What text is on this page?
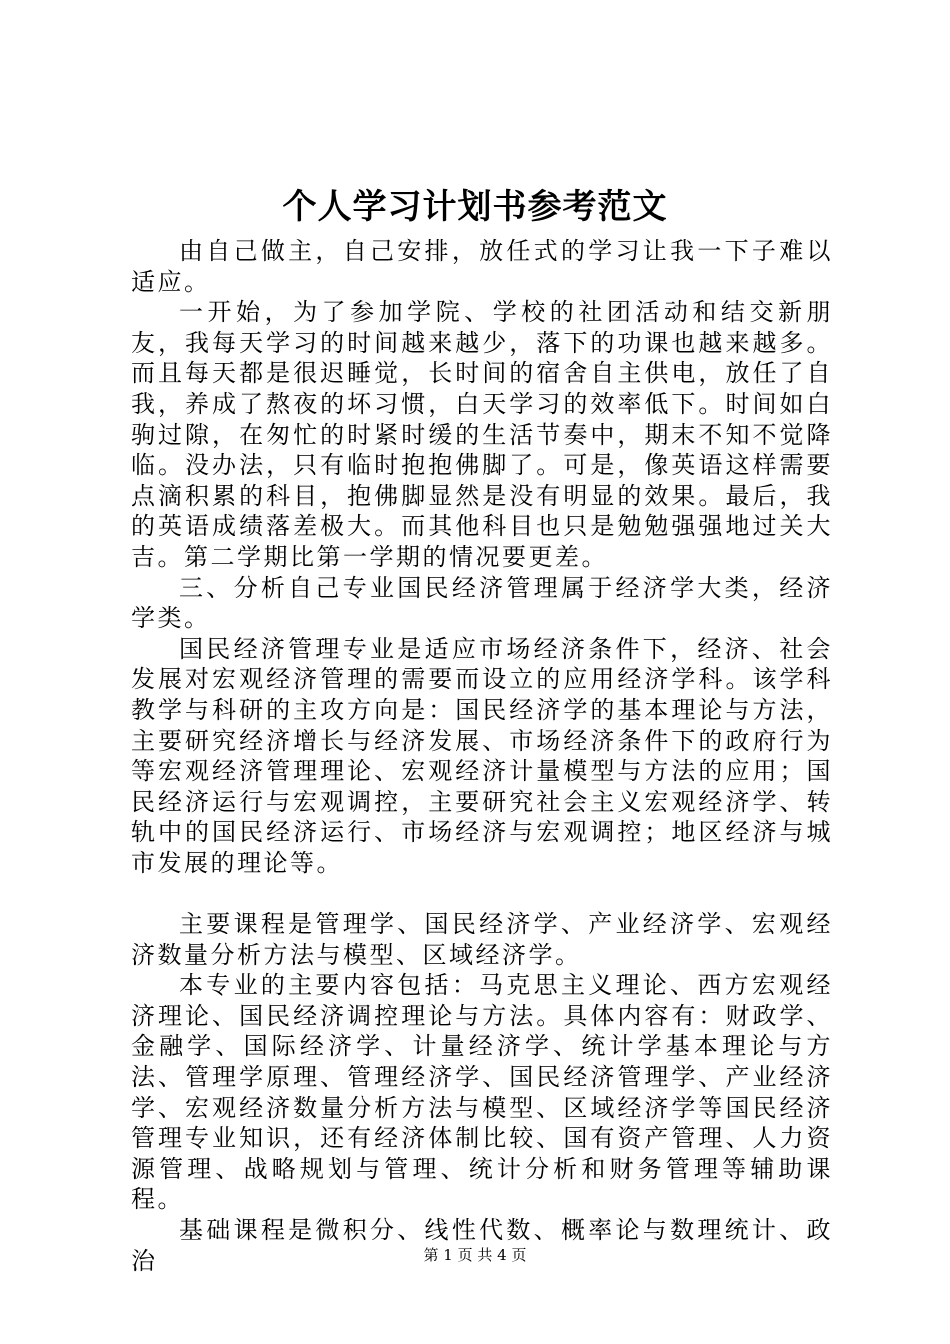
个人学习计划书参考范文

由自己做主，自己安排，放任式的学习让我一下子难以适应。

一开始，为了参加学院、学校的社团活动和结交新朋友，我每天学习的时间越来越少，落下的功课也越来越多。而且每天都是很迟睡觉，长时间的宿舍自主供电，放任了自我，养成了熬夜的坏习惯，白天学习的效率低下。时间如白驹过隙，在匆忙的时紧时缓的生活节奏中，期末不知不觉降临。没办法，只有临时抱抱佛脚了。可是，像英语这样需要点滴积累的科目，抱佛脚显然是没有明显的效果。最后，我的英语成绩落差极大。而其他科目也只是勉勉强强地过关大吉。第二学期比第一学期的情况要更差。

三、分析自己专业国民经济管理属于经济学大类，经济学类。

国民经济管理专业是适应市场经济条件下，经济、社会发展对宏观经济管理的需要而设立的应用经济学科。该学科教学与科研的主攻方向是：国民经济学的基本理论与方法，主要研究经济增长与经济发展、市场经济条件下的政府行为等宏观经济管理理论、宏观经济计量模型与方法的应用；国民经济运行与宏观调控，主要研究社会主义宏观经济学、转轨中的国民经济运行、市场经济与宏观调控；地区经济与城市发展的理论等。

主要课程是管理学、国民经济学、产业经济学、宏观经济数量分析方法与模型、区域经济学。

本专业的主要内容包括：马克思主义理论、西方宏观经济理论、国民经济调控理论与方法。具体内容有：财政学、金融学、国际经济学、计量经济学、统计学基本理论与方法、管理学原理、管理经济学、国民经济管理学、产业经济学、宏观经济数量分析方法与模型、区域经济学等国民经济管理专业知识，还有经济体制比较、国有资产管理、人力资源管理、战略规划与管理、统计分析和财务管理等辅助课程。

基础课程是微积分、线性代数、概率论与数理统计、政治	第 1 页 共 4 页
